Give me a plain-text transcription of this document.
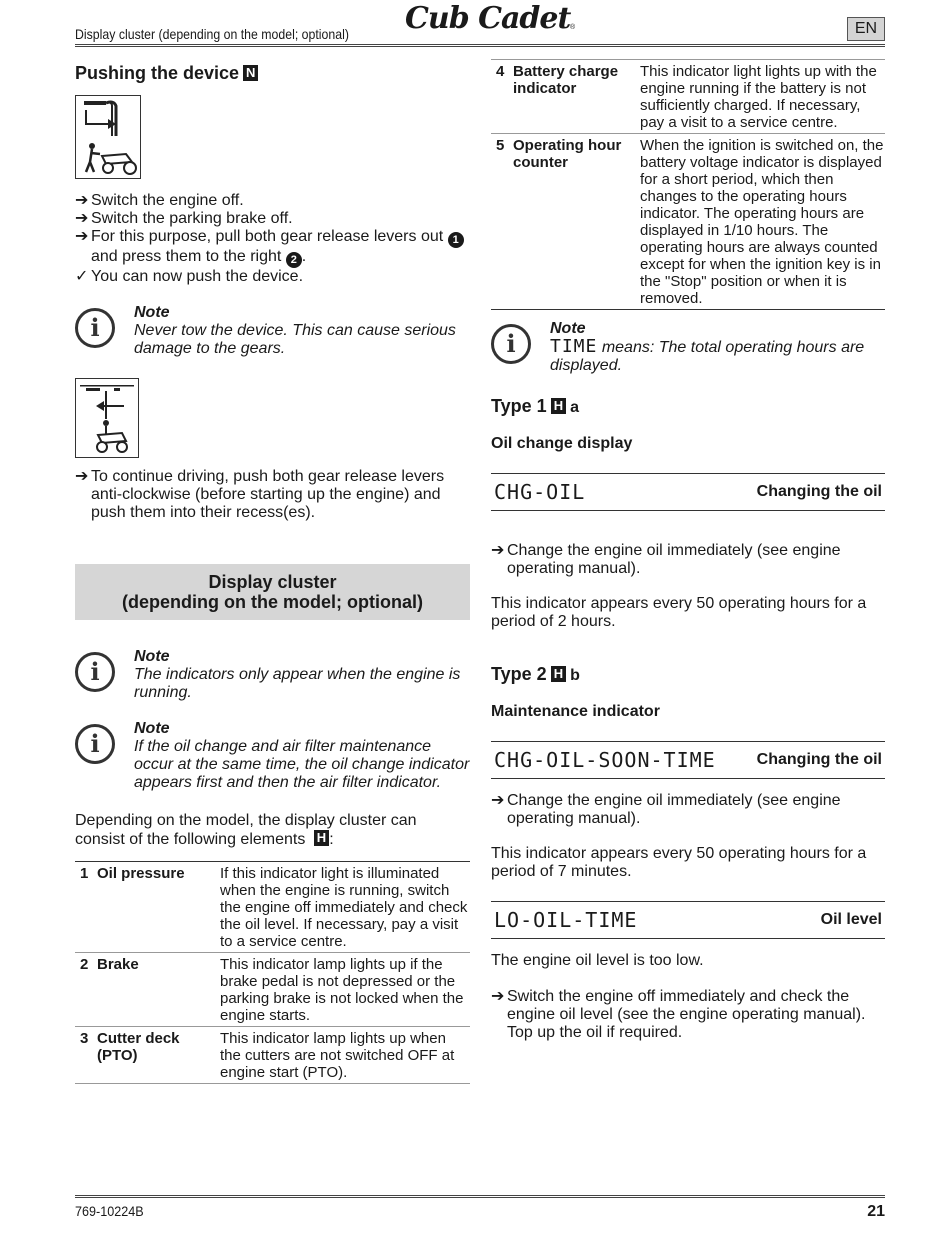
Display cluster (depending on the model; optional) Cub Cadet ®	EN
Pushing the device N
➔ Switch the engine off.
➔ Switch the parking brake off.
➔ For this purpose, pull both gear release levers out 1 and press them to the right 2 .
✓ You can now push the device.
i
Note
Never tow the device. This can cause serious damage to the gears.
➔ To continue driving, push both gear release levers anti-clockwise (before starting up the engine) and push them into their recess(es).
Display cluster
(depending on the model; optional)
i
Note
The indicators only appear when the engine is running.
i
Note
If the oil change and air filter maintenance occur at the same time, the oil change indicator appears first and then the air filter indicator.
Depending on the model, the display cluster can consist of the following elements H :
1	Oil pressure	If this indicator light is illuminated when the engine is running, switch the engine off immediately and check the oil level. If necessary, pay a visit to a service centre.
2	Brake	This indicator lamp lights up if the brake pedal is not depressed or the parking brake is not locked when the engine starts.
3	Cutter deck (PTO)	This indicator lamp lights up when the cutters are not switched OFF at engine start (PTO).
4	Battery charge indicator	This indicator light lights up with the engine running if the battery is not sufficiently charged. If necessary, pay a visit to a service centre.
5	Operating hour counter	When the ignition is switched on, the battery voltage indicator is displayed for a short period, which then changes to the operating hours indicator. The operating hours are displayed in 1/10 hours. The operating hours are always counted except for when the ignition key is in the "Stop" position or when it is removed.
i
Note
TIME means: The total operating hours are displayed.
Type 1 H a
Oil change display
CHG-OIL	Changing the oil
➔ Change the engine oil immediately (see engine operating manual).
This indicator appears every 50 operating hours for a period of 2 hours.
Type 2 H b
Maintenance indicator
CHG-OIL-SOON-TIME	Changing the oil
➔ Change the engine oil immediately (see engine operating manual).
This indicator appears every 50 operating hours for a period of 7 minutes.
LO-OIL-TIME	Oil level
The engine oil level is too low.
➔ Switch the engine off immediately and check the engine oil level (see the engine operating manual). Top up the oil if required.
769-10224B	21
